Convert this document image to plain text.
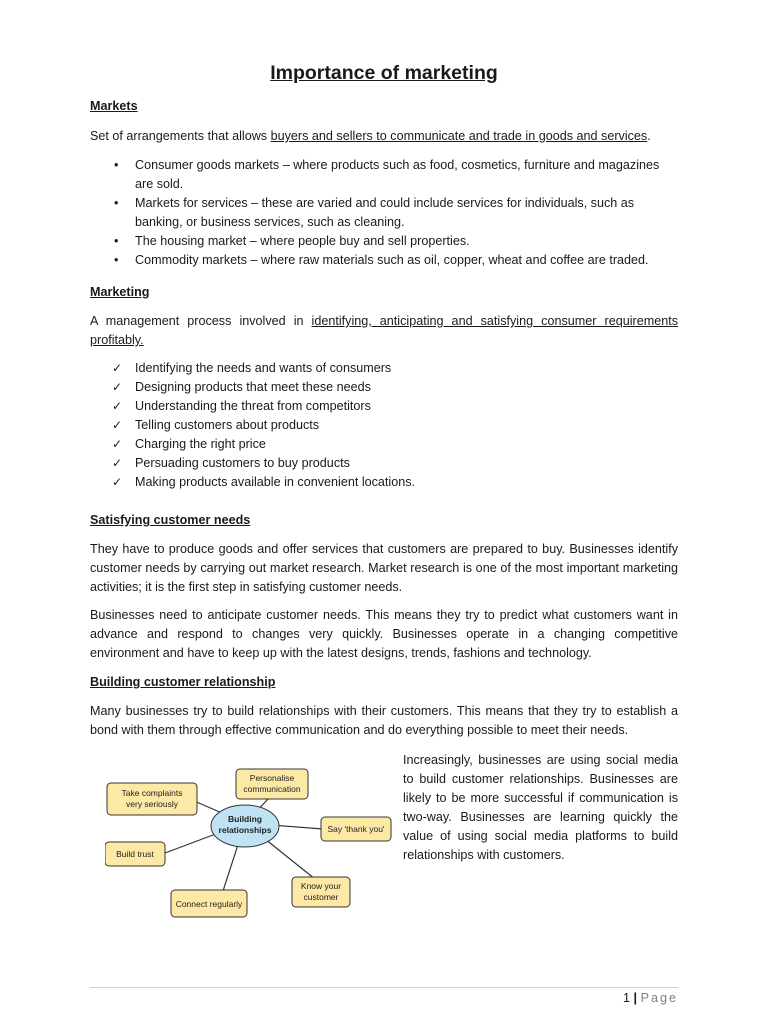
Importance of marketing
Markets

Set of arrangements that allows buyers and sellers to communicate and trade in goods and services.

• Consumer goods markets – where products such as food, cosmetics, furniture and magazines are sold.
• Markets for services – these are varied and could include services for individuals, such as banking, or business services, such as cleaning.
• The housing market – where people buy and sell properties.
• Commodity markets – where raw materials such as oil, copper, wheat and coffee are traded.
Marketing

A management process involved in identifying, anticipating and satisfying consumer requirements profitably.

✓ Identifying the needs and wants of consumers
✓ Designing products that meet these needs
✓ Understanding the threat from competitors
✓ Telling customers about products
✓ Charging the right price
✓ Persuading customers to buy products
✓ Making products available in convenient locations.
Satisfying customer needs

They have to produce goods and offer services that customers are prepared to buy. Businesses identify customer needs by carrying out market research. Market research is one of the most important marketing activities; it is the first step in satisfying customer needs.

Businesses need to anticipate customer needs. This means they try to predict what customers want in advance and respond to changes very quickly. Businesses operate in a changing competitive environment and have to keep up with the latest designs, trends, fashions and technology.

Building customer relationship

Many businesses try to build relationships with their customers. This means that they try to establish a bond with them through effective communication and do everything possible to meet their needs.

Increasingly, businesses are using social media to build customer relationships. Businesses are likely to be more successful if communication is two-way. Businesses are learning quickly the value of using social media platforms to build relationships with customers.

Take complaints
very seriously
Personalise
communication
Say 'thank you'
Build trust
Know your
customer
Connect regularly
Building
relationships
1 | Page
